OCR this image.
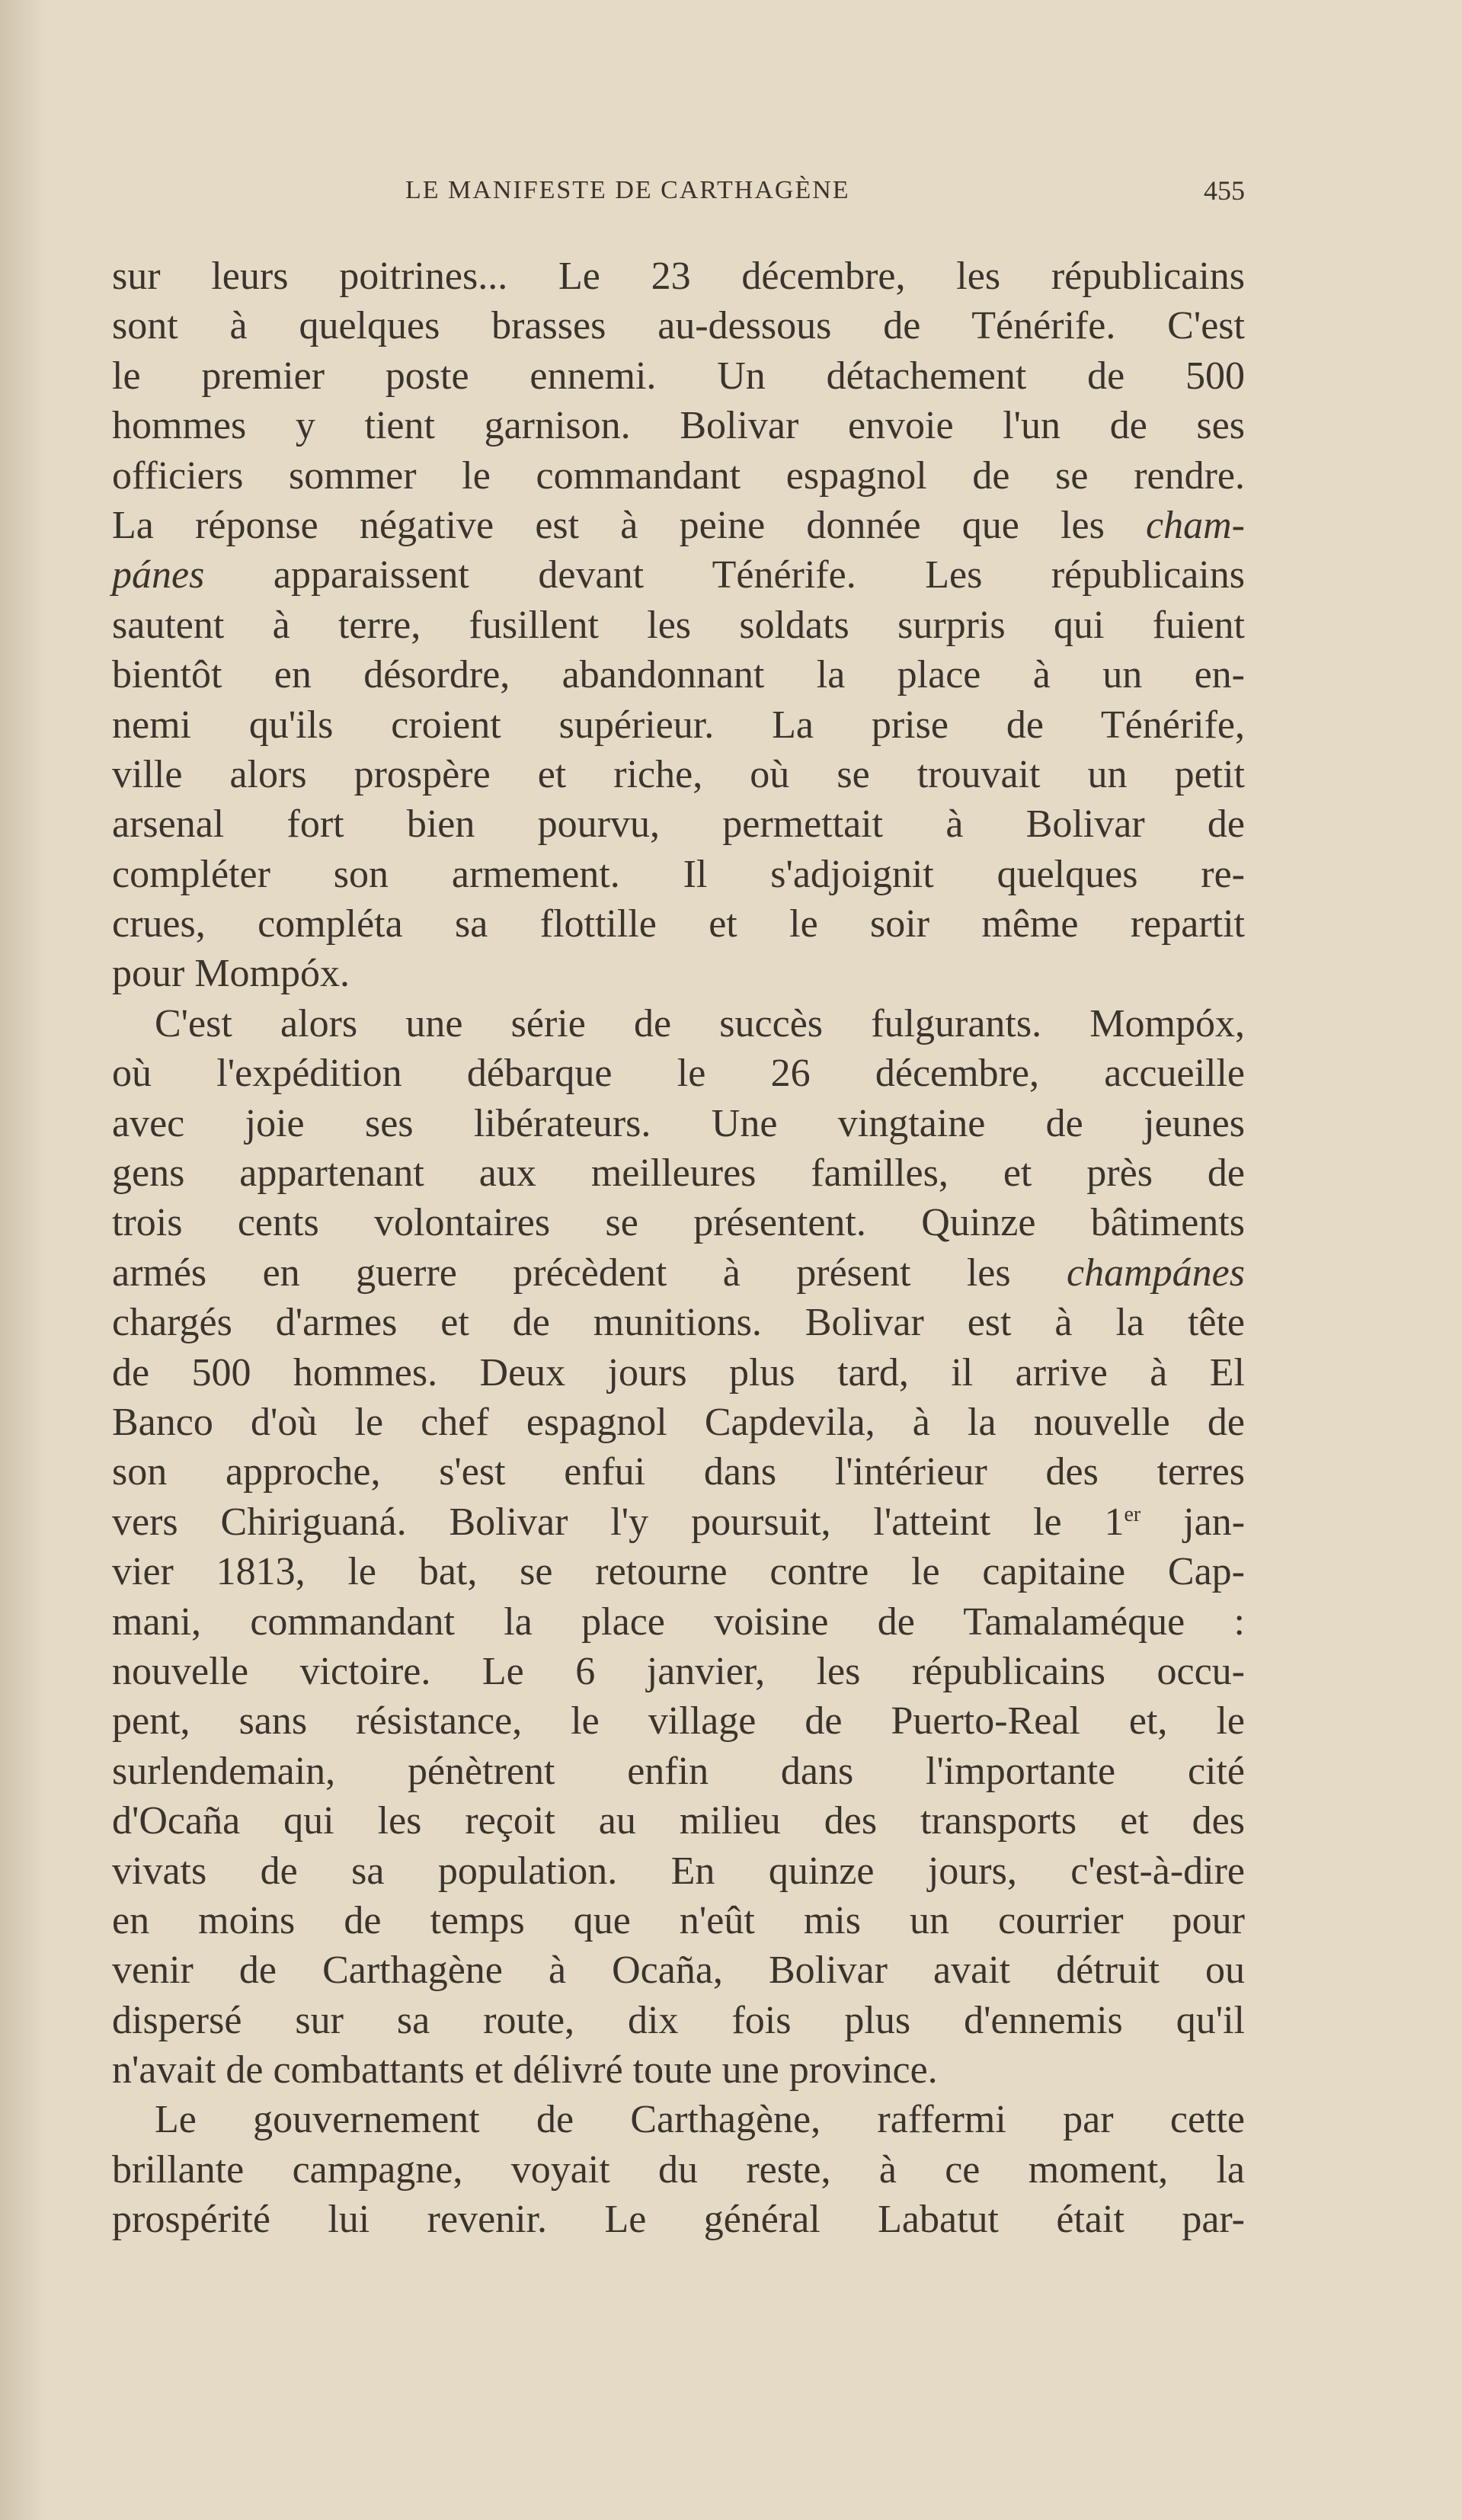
LE MANIFESTE DE CARTHAGÈNE	455
sur leurs poitrines... Le 23 décembre, les républicains
sont à quelques brasses au-dessous de Ténérife. C'est
le premier poste ennemi. Un détachement de 500
hommes y tient garnison. Bolivar envoie l'un de ses
officiers sommer le commandant espagnol de se rendre.
La réponse négative est à peine donnée que les cham-
pánes apparaissent devant Ténérife. Les républicains
sautent à terre, fusillent les soldats surpris qui fuient
bientôt en désordre, abandonnant la place à un en-
nemi qu'ils croient supérieur. La prise de Ténérife,
ville alors prospère et riche, où se trouvait un petit
arsenal fort bien pourvu, permettait à Bolivar de
compléter son armement. Il s'adjoignit quelques re-
crues, compléta sa flottille et le soir même repartit
pour Mompóx.
C'est alors une série de succès fulgurants. Mompóx,
où l'expédition débarque le 26 décembre, accueille
avec joie ses libérateurs. Une vingtaine de jeunes
gens appartenant aux meilleures familles, et près de
trois cents volontaires se présentent. Quinze bâtiments
armés en guerre précèdent à présent les champánes
chargés d'armes et de munitions. Bolivar est à la tête
de 500 hommes. Deux jours plus tard, il arrive à El
Banco d'où le chef espagnol Capdevila, à la nouvelle de
son approche, s'est enfui dans l'intérieur des terres
vers Chiriguaná. Bolivar l'y poursuit, l'atteint le 1er jan-
vier 1813, le bat, se retourne contre le capitaine Cap-
mani, commandant la place voisine de Tamalaméque :
nouvelle victoire. Le 6 janvier, les républicains occu-
pent, sans résistance, le village de Puerto-Real et, le
surlendemain, pénètrent enfin dans l'importante cité
d'Ocaña qui les reçoit au milieu des transports et des
vivats de sa population. En quinze jours, c'est-à-dire
en moins de temps que n'eût mis un courrier pour
venir de Carthagène à Ocaña, Bolivar avait détruit ou
dispersé sur sa route, dix fois plus d'ennemis qu'il
n'avait de combattants et délivré toute une province.
Le gouvernement de Carthagène, raffermi par cette
brillante campagne, voyait du reste, à ce moment, la
prospérité lui revenir. Le général Labatut était par-
